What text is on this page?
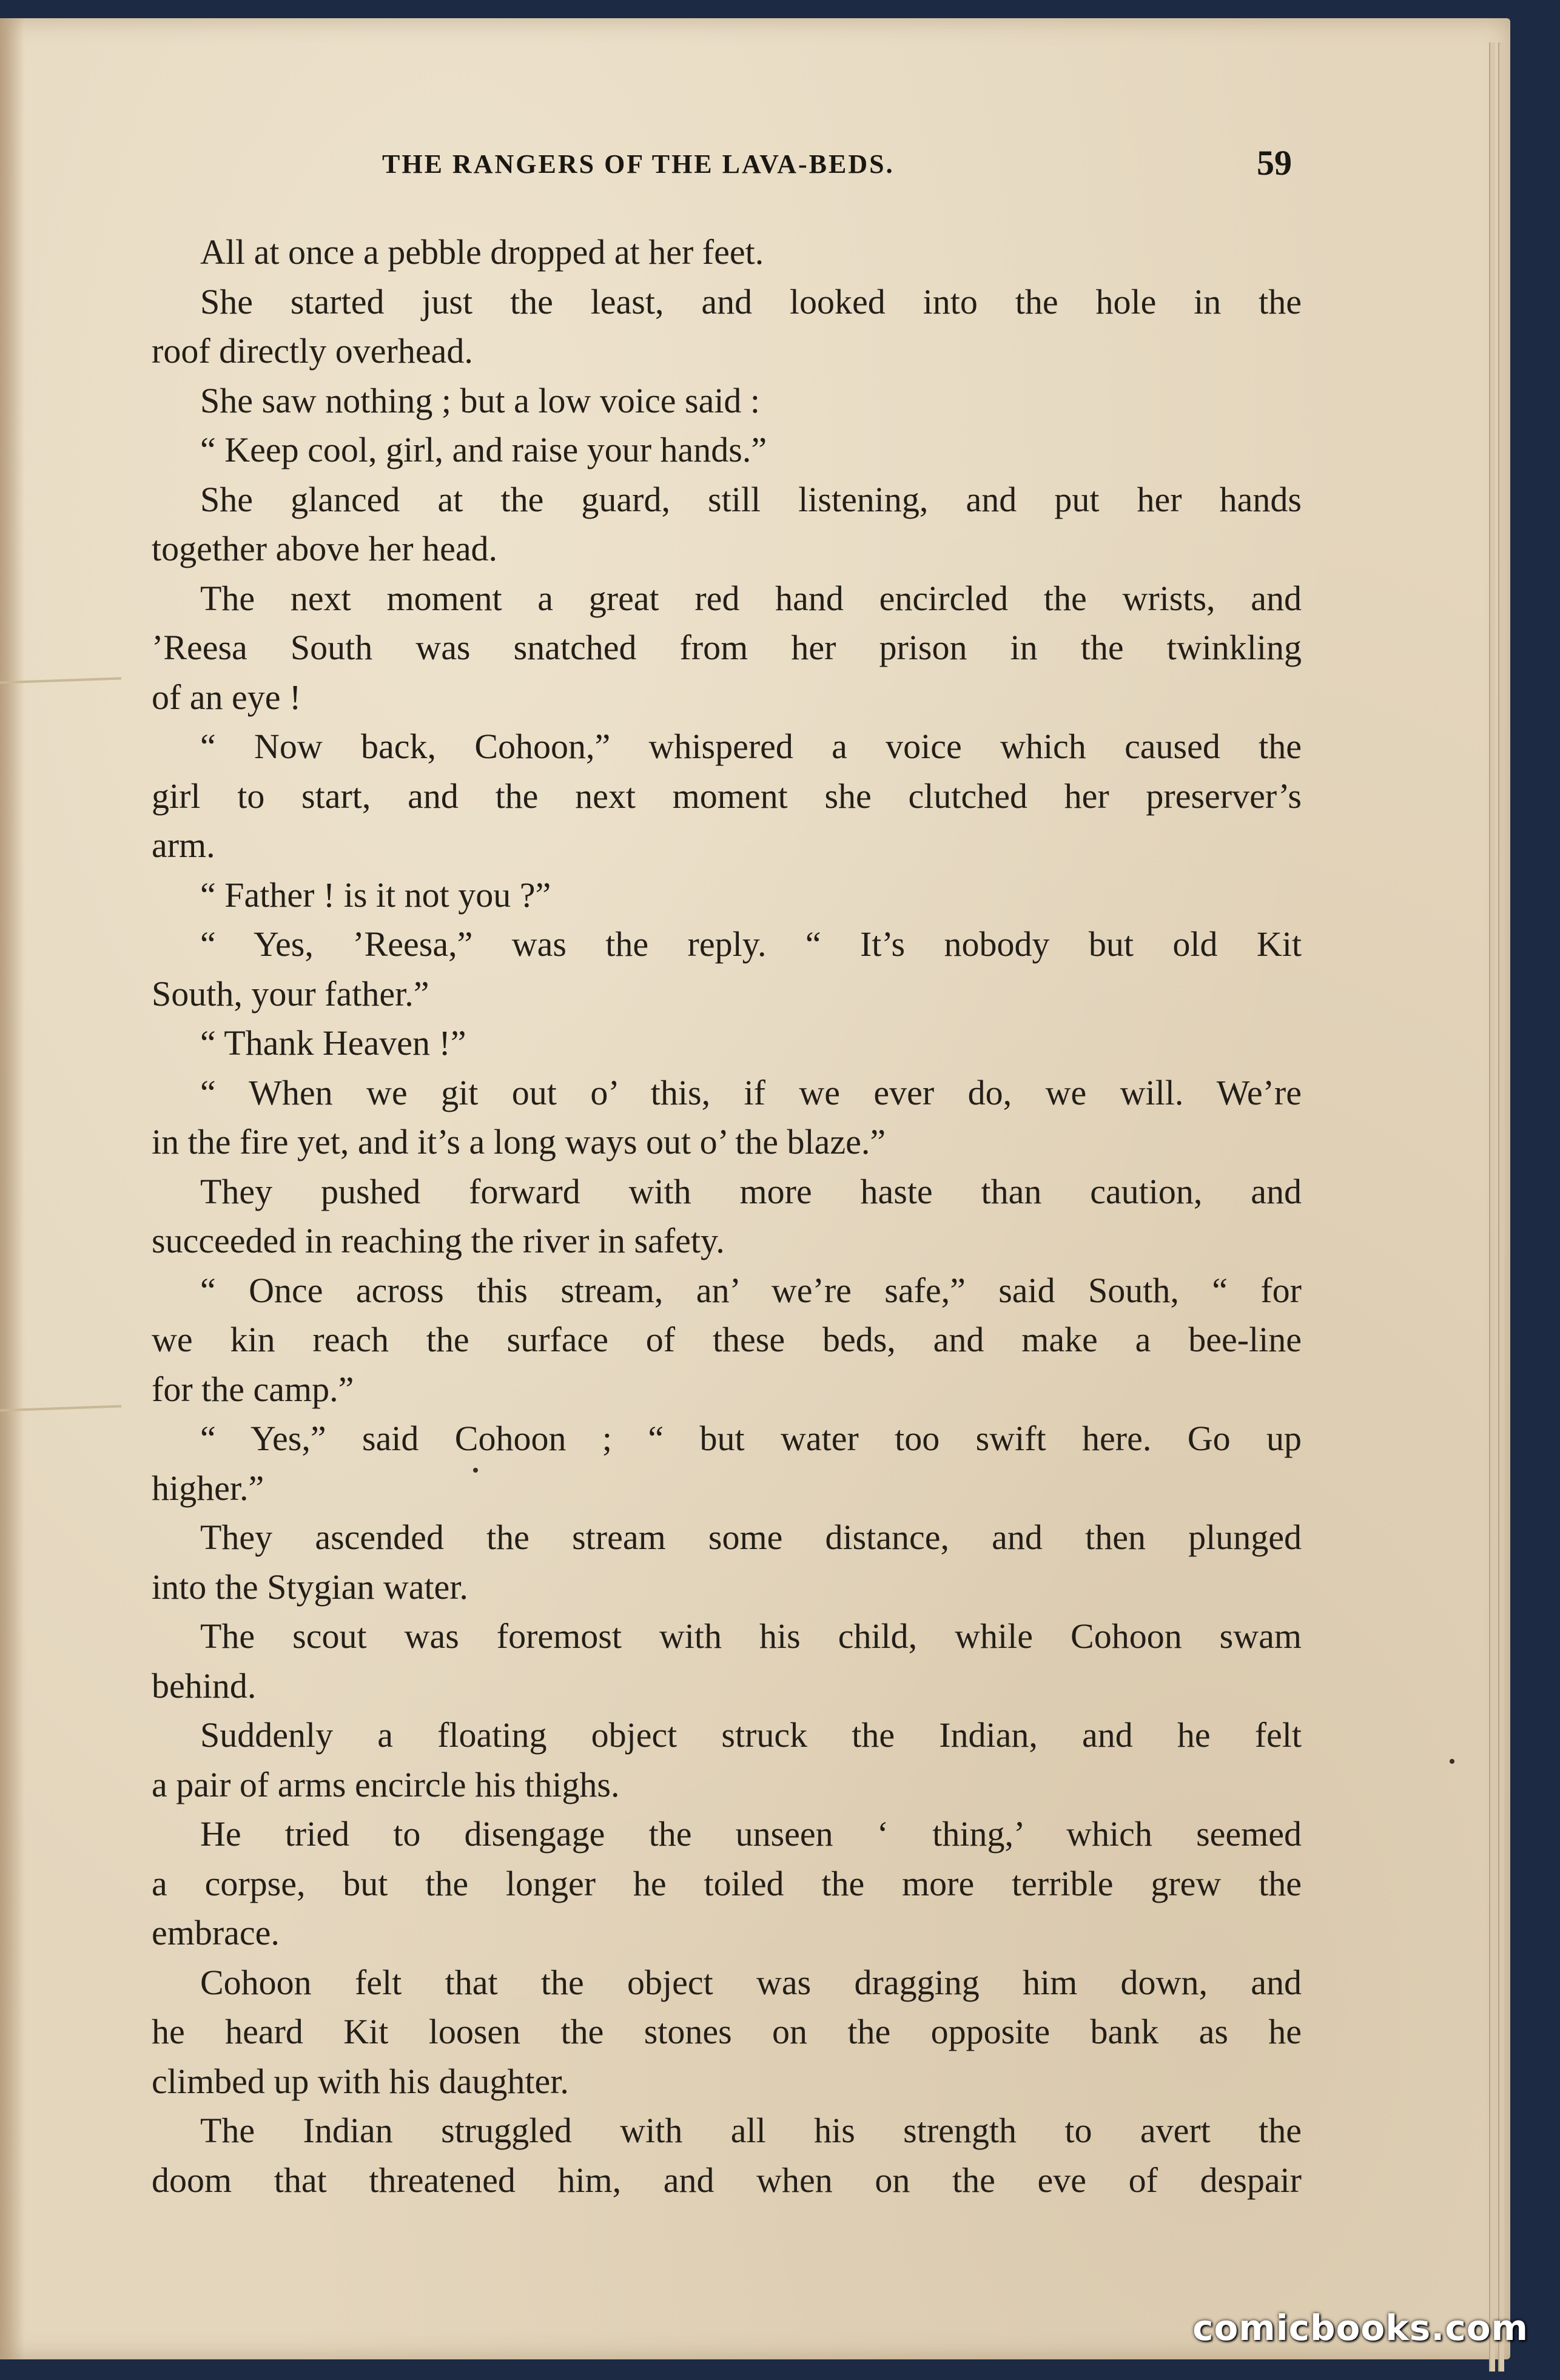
THE RANGERS OF THE LAVA-BEDS.	59
All at once a pebble dropped at her feet.
She started just the least, and looked into the hole in the
roof directly overhead.
She saw nothing ; but a low voice said :
“ Keep cool, girl, and raise your hands.”
She glanced at the guard, still listening, and put her hands
together above her head.
The next moment a great red hand encircled the wrists, and
’Reesa South was snatched from her prison in the twinkling
of an eye !
“ Now back, Cohoon,” whispered a voice which caused the
girl to start, and the next moment she clutched her preserver’s
arm.
“ Father ! is it not you ?”
“ Yes, ’Reesa,” was the reply. “ It’s nobody but old Kit
South, your father.”
“ Thank Heaven !”
“ When we git out o’ this, if we ever do, we will. We’re
in the fire yet, and it’s a long ways out o’ the blaze.”
They pushed forward with more haste than caution, and
succeeded in reaching the river in safety.
“ Once across this stream, an’ we’re safe,” said South, “ for
we kin reach the surface of these beds, and make a bee-line
for the camp.”
“ Yes,” said Cohoon ; “ but water too swift here. Go up
higher.”
They ascended the stream some distance, and then plunged
into the Stygian water.
The scout was foremost with his child, while Cohoon swam
behind.
Suddenly a floating object struck the Indian, and he felt
a pair of arms encircle his thighs.
He tried to disengage the unseen ‘ thing,’ which seemed
a corpse, but the longer he toiled the more terrible grew the
embrace.
Cohoon felt that the object was dragging him down, and
he heard Kit loosen the stones on the opposite bank as he
climbed up with his daughter.
The Indian struggled with all his strength to avert the
doom that threatened him, and when on the eve of despair
comicbooks.com
